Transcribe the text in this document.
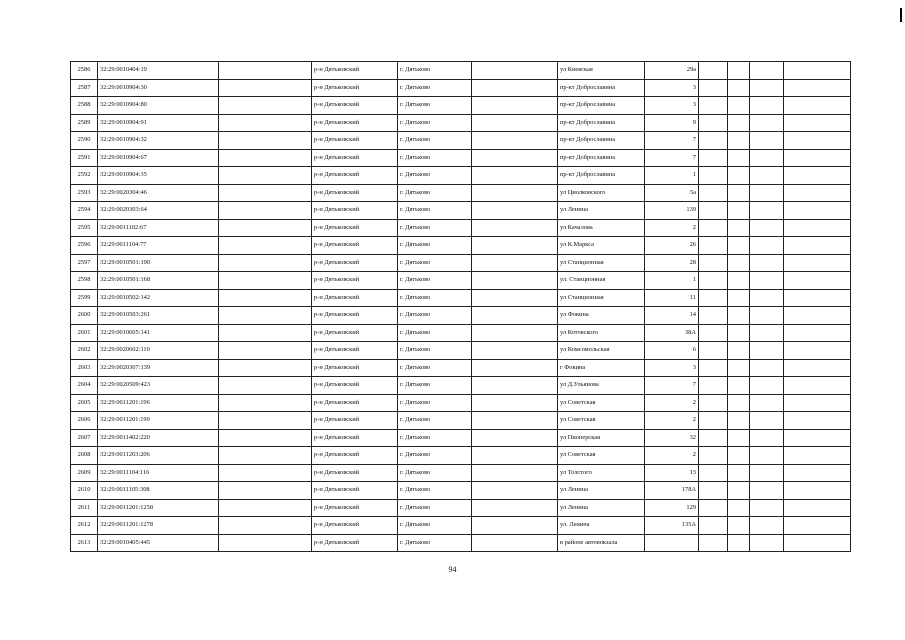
2586	32:29:0010404:19		р-н Дятьковский	г. Дятьково		ул Киевская	29а				
2587	32:29:0010904:30		р-н Дятьковский	г. Дятьково		пр-кт Доброславина	3				
2588	32:29:0010904:80		р-н Дятьковский	г. Дятьково		пр-кт Доброславина	3				
2589	32:29:0010904:91		р-н Дятьковский	г. Дятьково		пр-кт Доброславина	9				
2590	32:29:0010904:32		р-н Дятьковский	г. Дятьково		пр-кт Доброславина	7				
2591	32:29:0010904:67		р-н Дятьковский	г. Дятьково		пр-кт Доброславина	7				
2592	32:29:0010904:35		р-н Дятьковский	г. Дятьково		пр-кт Доброславина	1				
2593	32:29:0020304:46		р-н Дятьковский	г. Дятьково		ул Циолковского	5а				
2594	32:29:0020303:64		р-н Дятьковский	г. Дятьково		ул Ленина	139				
2595	32:29:0011102:67		р-н Дятьковский	г. Дятьково		ул Качалова	2				
2596	32:29:0011104:77		р-н Дятьковский	г. Дятьково		ул К.Маркса	26				
2597	32:29:0010501:190		р-н Дятьковский	г. Дятьково		ул Станционная	28				
2598	32:29:0010501:168		р-н Дятьковский	г. Дятьково		ул. Станционная	1				
2599	32:29:0010502:142		р-н Дятьковский	г. Дятьково		ул Станционная	11				
2600	32:29:0010503:261		р-н Дятьковский	г. Дятьково		ул Фокина	14				
2601	32:29:0010605:141		р-н Дятьковский	г. Дятьково		ул Котовского	38А				
2602	32:29:0020602:110		р-н Дятьковский	г. Дятьково		ул Комсомольская	6				
2603	32:29:0020307:139		р-н Дятьковский	г. Дятьково		г Фокина	3				
2604	32:29:0020509:423		р-н Дятьковский	г. Дятьково		ул Д.Ульянова	7				
2605	32:29:0011201:196		р-н Дятьковский	г. Дятьково		ул Советская	2				
2606	32:29:0011201:199		р-н Дятьковский	г. Дятьково		ул Советская	2				
2607	32:29:0011402:220		р-н Дятьковский	г. Дятьково		ул Пионерская	32				
2608	32:29:0011203:206		р-н Дятьковский	г. Дятьково		ул Советская	2				
2609	32:29:0011104:116		р-н Дятьковский	г. Дятьково		ул Толстого	13				
2610	32:29:0011105:308		р-н Дятьковский	г. Дятьково		ул Ленина	178А				
2611	32:29:0011201:1258		р-н Дятьковский	г. Дятьково		ул Ленина	129				
2612	32:29:0011201:1278		р-н Дятьковский	г. Дятьково		ул. Ленина	135А				
2613	32:29:0010405:445		р-н Дятьковский	г. Дятьково		в районе автовокзала					
94
